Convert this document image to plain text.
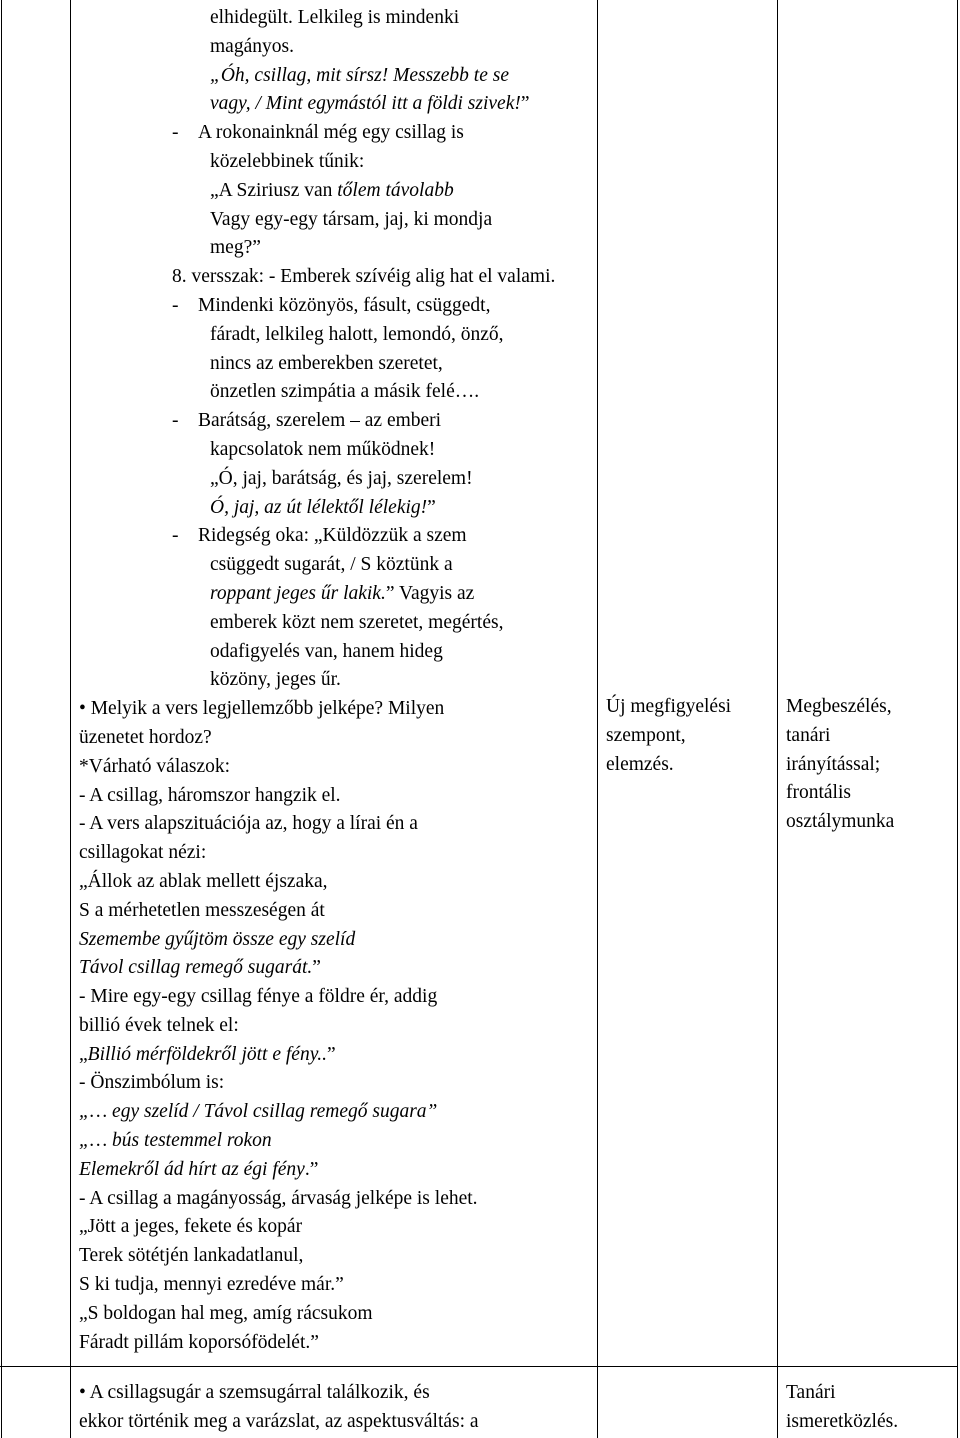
elhidegült. Lelkileg is mindenki
magányos.
„Óh, csillag, mit sírsz! Messzebb te se
vagy, / Mint egymástól itt a földi szivek!”
- A rokonainknál még egy csillag is
közelebbinek tűnik:
„A Sziriusz van tőlem távolabb
Vagy egy-egy társam, jaj, ki mondja
meg?”
8. versszak: - Emberek szívéig alig hat el valami.
- Mindenki közönyös, fásult, csüggedt,
fáradt, lelkileg halott, lemondó, önző,
nincs az emberekben szeretet,
önzetlen szimpátia a másik felé….
- Barátság, szerelem – az emberi
kapcsolatok nem működnek!
„Ó, jaj, barátság, és jaj, szerelem!
Ó, jaj, az út lélektől lélekig!”
- Ridegség oka: „Küldözzük a szem
csüggedt sugarát, / S köztünk a
roppant jeges űr lakik.” Vagyis az
emberek közt nem szeretet, megértés,
odafigyelés van, hanem hideg
közöny, jeges űr.
• Melyik a vers legjellemzőbb jelképe? Milyen
üzenetet hordoz?
*Várható válaszok:
- A csillag, háromszor hangzik el.
- A vers alapszituációja az, hogy a lírai én a
csillagokat nézi:
„Állok az ablak mellett éjszaka,
S a mérhetetlen messzeségen át
Szemembe gyűjtöm össze egy szelíd
Távol csillag remegő sugarát.”
- Mire egy-egy csillag fénye a földre ér, addig
billió évek telnek el:
„Billió mérföldekről jött e fény..”
- Önszimbólum is:
„… egy szelíd / Távol csillag remegő sugara”
„… bús testemmel rokon
Elemekről ád hírt az égi fény.”
- A csillag a magányosság, árvaság jelképe is lehet.
„Jött a jeges, fekete és kopár
Terek sötétjén lankadatlanul,
S ki tudja, mennyi ezredéve már.”
„S boldogan hal meg, amíg rácsukom
Fáradt pillám koporsófödelét.”
Új megfigyelési
szempont,
elemzés.
Megbeszélés,
tanári
irányítással;
frontális
osztálymunka
• A csillagsugár a szemsugárral találkozik, és
ekkor történik meg a varázslat, az aspektusváltás: a
Tanári
ismeretközlés.
